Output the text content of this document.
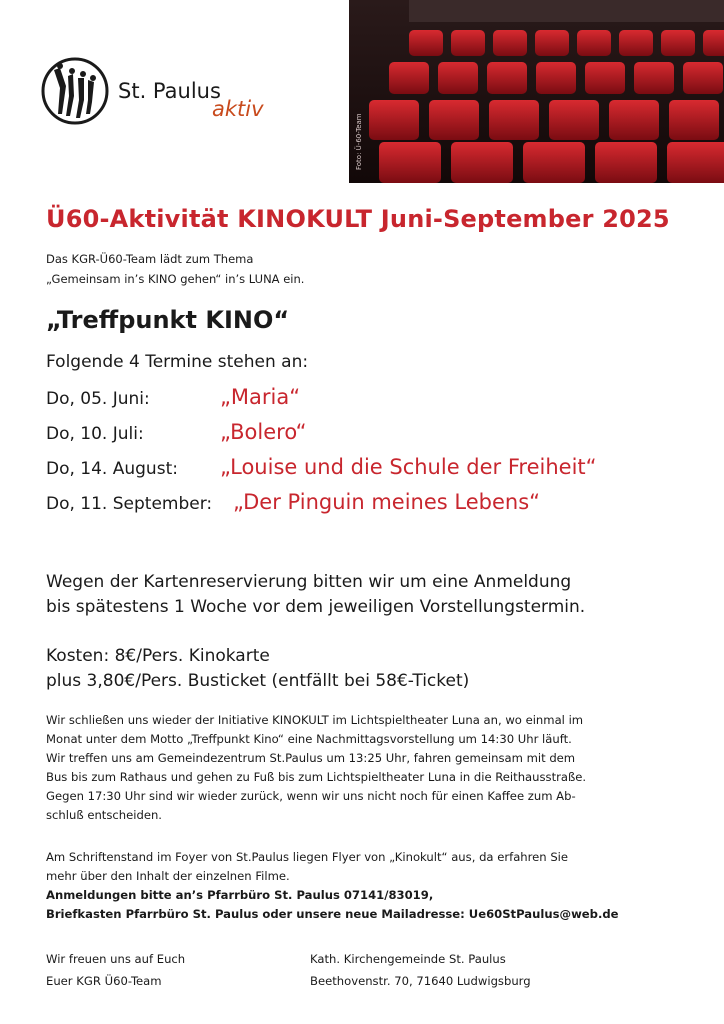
St. Paulus
aktiv
Foto: Ü-60-Team
Ü60-Aktivität KINOKULT Juni-September 2025
Das KGR-Ü60-Team lädt zum Thema
„Gemeinsam in’s KINO gehen“ in’s LUNA ein.
„Treffpunkt KINO“
Folgende 4 Termine stehen an:
Do, 05. Juni:	„Maria“
Do, 10. Juli:	„Bolero“
Do, 14. August: „Louise und die Schule der Freiheit“
Do, 11. September: „Der Pinguin meines Lebens“
Wegen der Kartenreservierung bitten wir um eine Anmeldung
bis spätestens 1 Woche vor dem jeweiligen Vorstellungstermin.
Kosten: 8€/Pers. Kinokarte
plus 3,80€/Pers. Busticket (entfällt bei 58€-Ticket)
Wir schließen uns wieder der Initiative KINOKULT im Lichtspieltheater Luna an, wo einmal im
Monat unter dem Motto „Treffpunkt Kino“ eine Nachmittagsvorstellung um 14:30 Uhr läuft.
Wir treffen uns am Gemeindezentrum St.Paulus um 13:25 Uhr, fahren gemeinsam mit dem
Bus bis zum Rathaus und gehen zu Fuß bis zum Lichtspieltheater Luna in die Reithausstraße.
Gegen 17:30 Uhr sind wir wieder zurück, wenn wir uns nicht noch für einen Kaffee zum Ab-
schluß entscheiden.
Am Schriftenstand im Foyer von St.Paulus liegen Flyer von „Kinokult“ aus, da erfahren Sie
mehr über den Inhalt der einzelnen Filme.
Anmeldungen bitte an’s Pfarrbüro St. Paulus 07141/83019,
Briefkasten Pfarrbüro St. Paulus oder unsere neue Mailadresse: Ue60StPaulus@web.de
Wir freuen uns auf Euch
Euer KGR Ü60-Team
Kath. Kirchengemeinde St. Paulus
Beethovenstr. 70, 71640 Ludwigsburg
